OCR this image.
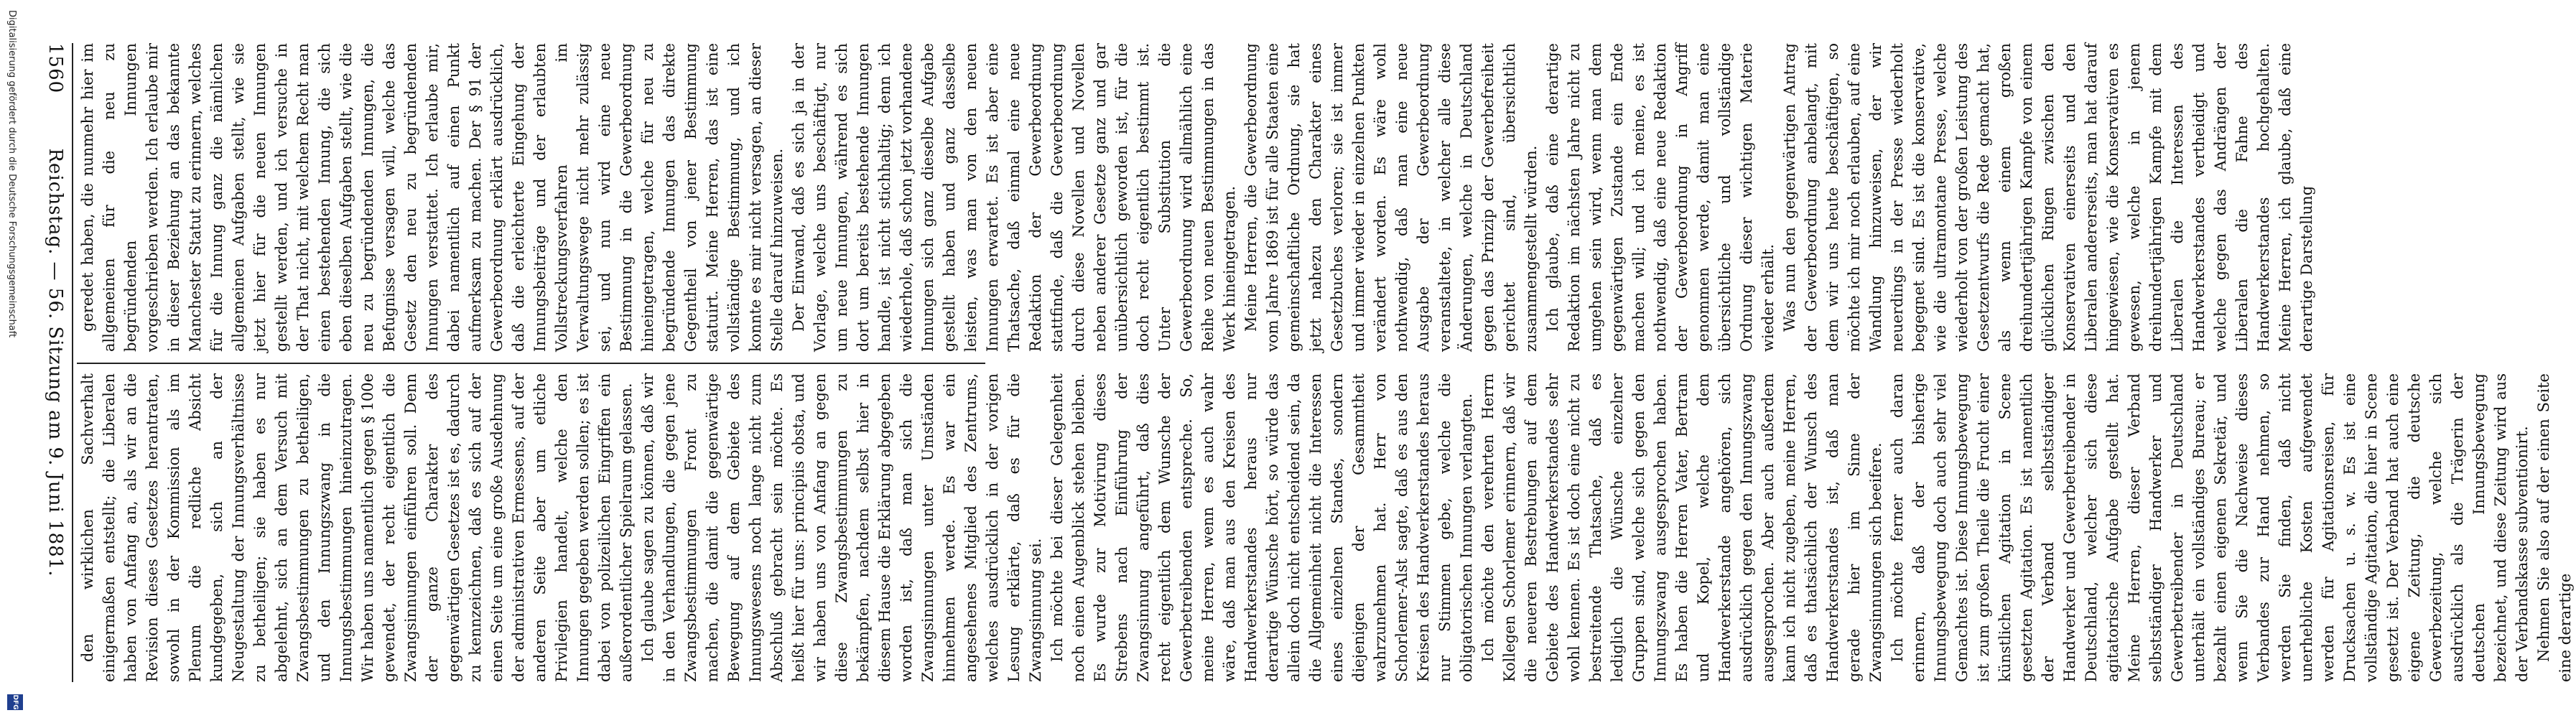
1560
Reichstag. — 56. Sitzung am 9. Juni 1881. geredet haben, die nunmehr hier im allgemeinen für die neu zu begründenden Innungen vorgeschrieben werden. Ich erlaube mir in dieser Beziehung an das bekannte Manchester Statut zu erinnern, welches für die Innung ganz die nämlichen allgemeinen Aufgaben stellt, wie sie jetzt hier für die neuen Innungen gestellt werden, und ich versuche in der That nicht, mit welchem Recht man einen bestehenden Innung, die sich eben dieselben Aufgaben stellt, wie die neu zu begründenden Innungen, die Befugnisse versagen will, welche das Gesetz den neu zu begründenden Innungen verstattet. Ich erlaube mir, dabei namentlich auf einen Punkt aufmerksam zu machen. Der § 91 der Gewerbeordnung erklärt ausdrücklich, daß die erleichterte Eingehung der Innungsbeiträge und der erlaubten Vollstreckungsverfahren im Verwaltungswege nicht mehr zulässig sei, und nun wird eine neue Bestimmung in die Gewerbeordnung hineingetragen, welche für neu zu begründende Innungen das direkte Gegentheil von jener Bestimmung statuirt. Meine Herren, das ist eine vollständige Bestimmung, und ich konnte es mir nicht versagen, an dieser Stelle darauf hinzuweisen. Der Einwand, daß es sich ja in der Vorlage, welche uns beschäftigt, nur um neue Innungen, während es sich dort um bereits bestehende Innungen handle, ist nicht stichhaltig; denn ich wiederhole, daß schon jetzt vorhandene Innungen sich ganz dieselbe Aufgabe gestellt haben und ganz dasselbe leisten, was man von den neuen Innungen erwartet. Es ist aber eine Thatsache, daß einmal eine neue Redaktion der Gewerbeordnung stattfinde, daß die Gewerbeordnung durch diese Novellen und Novellen neben anderer Gesetze ganz und gar unübersichtlich geworden ist, für die doch recht eigentlich bestimmt ist. Unter Substitution die Gewerbeordnung wird allmählich eine Reihe von neuen Bestimmungen in das Werk hineingetragen. Meine Herren, die Gewerbeordnung vom Jahre 1869 ist für alle Staaten eine gemeinschaftliche Ordnung, sie hat jetzt nahezu den Charakter eines Gesetzbuches verloren; sie ist immer und immer wieder in einzelnen Punkten verändert worden. Es wäre wohl nothwendig, daß man eine neue Ausgabe der Gewerbeordnung veranstaltete, in welcher alle diese Änderungen, welche in Deutschland gegen das Prinzip der Gewerbefreiheit gerichtet sind, übersichtlich zusammengestellt würden. Ich glaube, daß eine derartige Redaktion im nächsten Jahre nicht zu umgehen sein wird, wenn man dem gegenwärtigen Zustande ein Ende machen will; und ich meine, es ist nothwendig, daß eine neue Redaktion der Gewerbeordnung in Angriff genommen werde, damit man eine übersichtliche und vollständige Ordnung dieser wichtigen Materie wieder erhält. Was nun den gegenwärtigen Antrag der Gewerbeordnung anbelangt, mit dem wir uns heute beschäftigen, so möchte ich mir noch erlauben, auf eine Wandlung hinzuweisen, der wir neuerdings in der Presse wiederholt begegnet sind. Es ist die konservative, wie die ultramontane Presse, welche wiederholt von der großen Leistung des Gesetzentwurfs die Rede gemacht hat, als wenn einem großen dreihundertjährigen Kampfe von einem glücklichen Ringen zwischen den Konservativen einerseits und den Liberalen andererseits, man hat darauf hingewiesen, wie die Konservativen es gewesen, welche in jenem dreihundertjährigen Kampfe mit dem Liberalen die Interessen des Handwerkerstandes vertheidigt und welche gegen das Andrängen der Liberalen die Fahne des Handwerkerstandes hochgehalten. Meine Herren, ich glaube, daß eine derartige Darstellung

den wirklichen Sachverhalt einigermaßen entstellt; die Liberalen haben von Anfang an, als wir an die Revision dieses Gesetzes herantraten, sowohl in der Kommission als im Plenum die redliche Absicht kundgegeben, sich an der Neugestaltung der Innungsverhältnisse zu betheiligen; sie haben es nur abgelehnt, sich an dem Versuch mit Zwangsbestimmungen zu betheiligen, und den Innungszwang in die Innungsbestimmungen hineinzutragen. Wir haben uns namentlich gegen § 100e gewendet, der recht eigentlich die Zwangsinnungen einführen soll. Denn der ganze Charakter des gegenwärtigen Gesetzes ist es, dadurch zu kennzeichnen, daß es sich auf der einen Seite um eine große Ausdehnung der administrativen Ermessens, auf der anderen Seite aber um etliche Privilegien handelt, welche den Innungen gegeben werden sollen; es ist dabei von polizeilichen Eingriffen ein außerordentlicher Spielraum gelassen. Ich glaube sagen zu können, daß wir in den Verhandlungen, die gegen jene Zwangsbestimmungen Front zu machen, die damit die gegenwärtige Bewegung auf dem Gebiete des Innungswesens noch lange nicht zum Abschluß gebracht sein möchte. Es heißt hier für uns: principiis obsta, und wir haben uns von Anfang an gegen diese Zwangsbestimmungen zu bekämpfen, nachdem selbst hier in diesem Hause die Erklärung abgegeben worden ist, daß man sich die Zwangsinnungen unter Umständen hinnehmen werde. Es war ein angesehenes Mitglied des Zentrums, welches ausdrücklich in der vorigen Lesung erklärte, daß es für die Zwangsinnung sei. Ich möchte bei dieser Gelegenheit noch einen Augenblick stehen bleiben. Es wurde zur Motivirung dieses Strebens nach Einführung der Zwangsinnung angeführt, daß dies recht eigentlich dem Wunsche der Gewerbetreibenden entspreche. So, meine Herren, wenn es auch wahr wäre, daß man aus den Kreisen des Handwerkerstandes heraus nur derartige Wünsche hört, so würde das allein doch nicht entscheidend sein, da die Allgemeinheit nicht die Interessen eines einzelnen Standes, sondern diejenigen der Gesammtheit wahrzunehmen hat. Herr von Schorlemer-Alst sagte, daß es aus den Kreisen des Handwerkerstandes heraus nur Stimmen gebe, welche die obligatorischen Innungen verlangten. Ich möchte den verehrten Herrn Kollegen Schorlemer erinnern, daß wir die neueren Bestrebungen auf dem Gebiete des Handwerkerstandes sehr wohl kennen. Es ist doch eine nicht zu bestreitende Thatsache, daß es lediglich die Wünsche einzelner Gruppen sind, welche sich gegen den Innungszwang ausgesprochen haben. Es haben die Herren Vater, Bertram und Kopel, welche dem Handwerkerstande angehören, sich ausdrücklich gegen den Innungszwang ausgesprochen. Aber auch außerdem kann ich nicht zugeben, meine Herren, daß es thatsächlich der Wunsch des Handwerkerstandes ist, daß man gerade hier im Sinne der Zwangsinnungen sich beeifere. Ich möchte ferner auch daran erinnern, daß der bisherige Innungsbewegung doch auch sehr viel Gemachtes ist. Diese Innungsbewegung ist zum großen Theile die Frucht einer künstlichen Agitation in Scene gesetzten Agitation. Es ist namentlich der Verband selbstständiger Handwerker und Gewerbetreibender in Deutschland, welcher sich diese agitatorische Aufgabe gestellt hat. Meine Herren, dieser Verband selbstständiger Handwerker und Gewerbetreibender in Deutschland unterhält ein vollständiges Bureau; er bezahlt einen eigenen Sekretär, und wenn Sie die Nachweise dieses Verbandes zur Hand nehmen, so werden Sie finden, daß nicht unerhebliche Kosten aufgewendet werden für Agitationsreisen, für Drucksachen u. s. w. Es ist eine vollständige Agitation, die hier in Scene gesetzt ist. Der Verband hat auch eine eigene Zeitung, die deutsche Gewerbezeitung, welche sich ausdrücklich als die Trägerin der deutschen Innungsbewegung bezeichnet, und diese Zeitung wird aus der Verbandskasse subventionirt. Nehmen Sie also auf der einen Seite eine derartige

Digitalisierung gefördert durch die Deutsche Forschungsgemeinschaft
DFG
